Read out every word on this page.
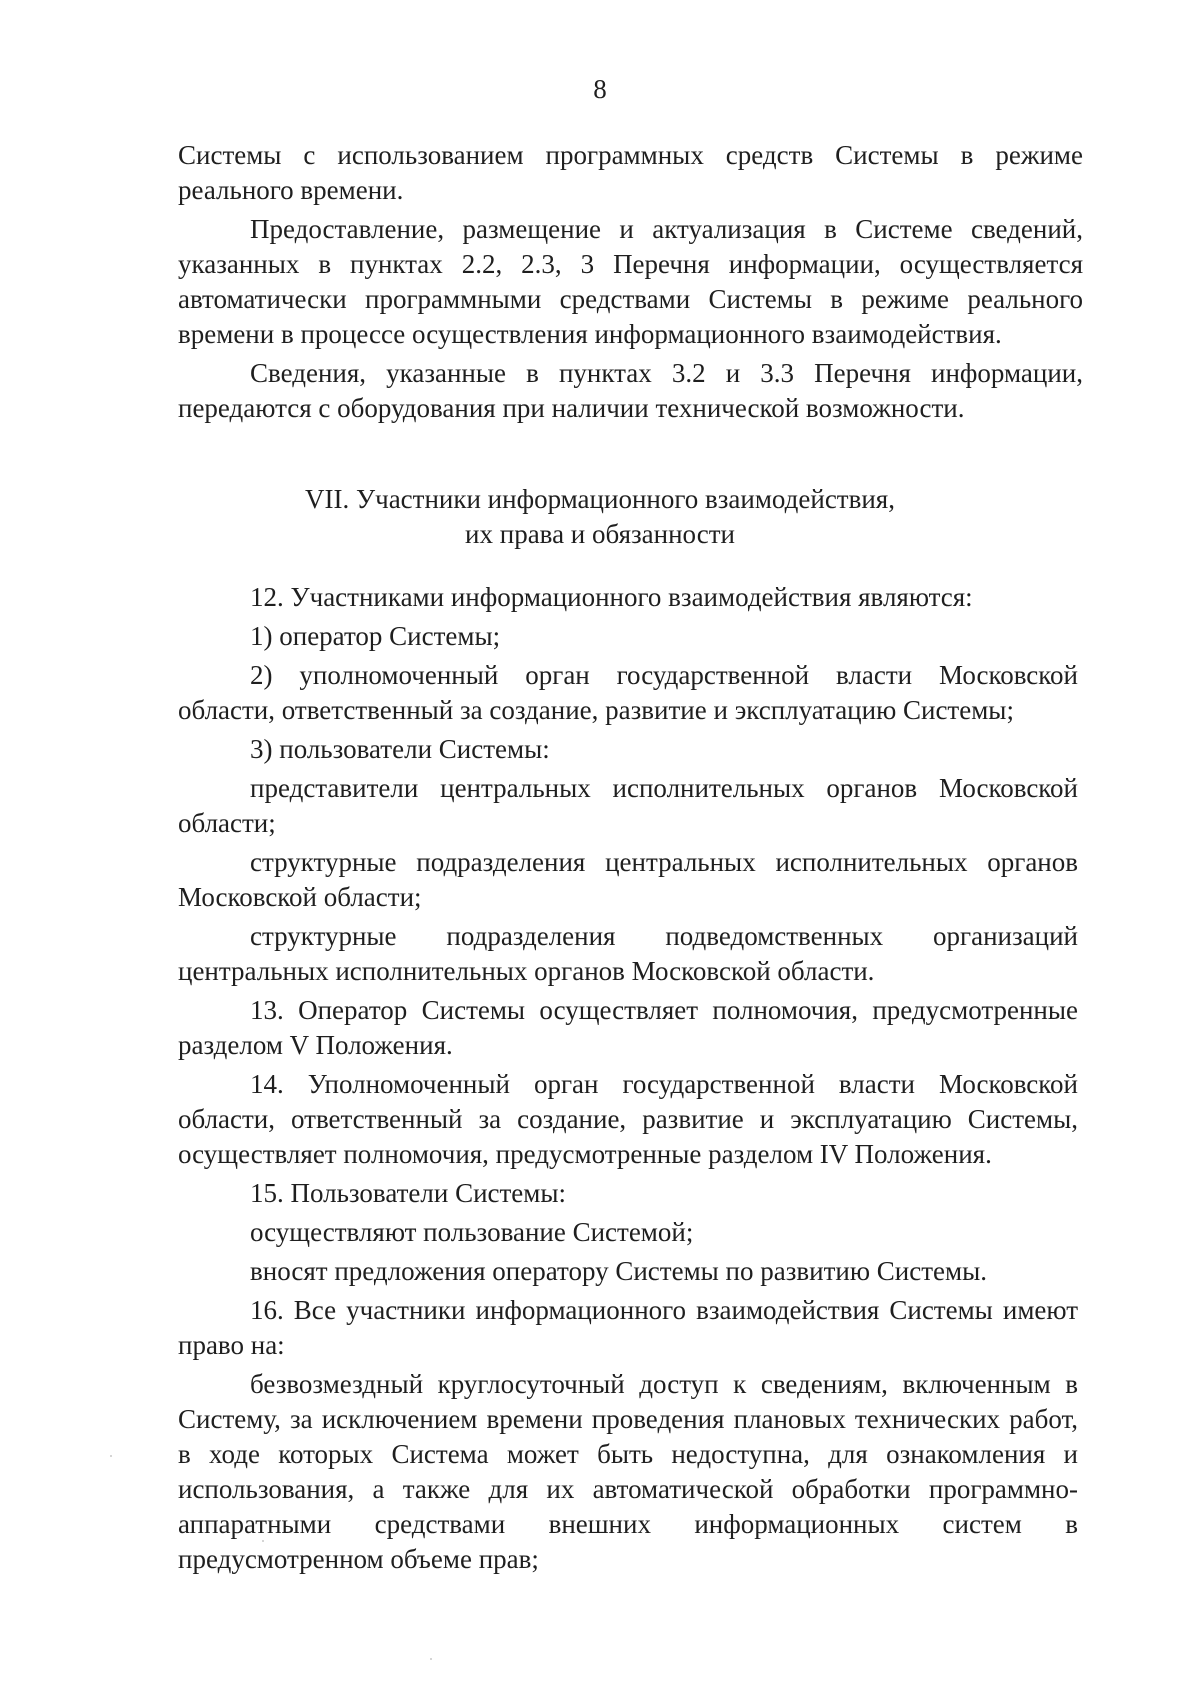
8

Системы с использованием программных средств Системы в режиме реального времени.

Предоставление, размещение и актуализация в Системе сведений, указанных в пунктах 2.2, 2.3, 3 Перечня информации, осуществляется автоматически программными средствами Системы в режиме реального времени в процессе осуществления информационного взаимодействия.

Сведения, указанные в пунктах 3.2 и 3.3 Перечня информации, передаются с оборудования при наличии технической возможности.

VII. Участники информационного взаимодействия,
их права и обязанности

12. Участниками информационного взаимодействия являются:

1) оператор Системы;

2) уполномоченный орган государственной власти Московской области, ответственный за создание, развитие и эксплуатацию Системы;

3) пользователи Системы:

представители центральных исполнительных органов Московской области;

структурные подразделения центральных исполнительных органов Московской области;

структурные подразделения подведомственных организаций центральных исполнительных органов Московской области.

13. Оператор Системы осуществляет полномочия, предусмотренные разделом V Положения.

14. Уполномоченный орган государственной власти Московской области, ответственный за создание, развитие и эксплуатацию Системы, осуществляет полномочия, предусмотренные разделом IV Положения.

15. Пользователи Системы:

осуществляют пользование Системой;

вносят предложения оператору Системы по развитию Системы.

16. Все участники информационного взаимодействия Системы имеют право на:

безвозмездный круглосуточный доступ к сведениям, включенным в Систему, за исключением времени проведения плановых технических работ, в ходе которых Система может быть недоступна, для ознакомления и использования, а также для их автоматической обработки программно-аппаратными средствами внешних информационных систем в предусмотренном объеме прав;
